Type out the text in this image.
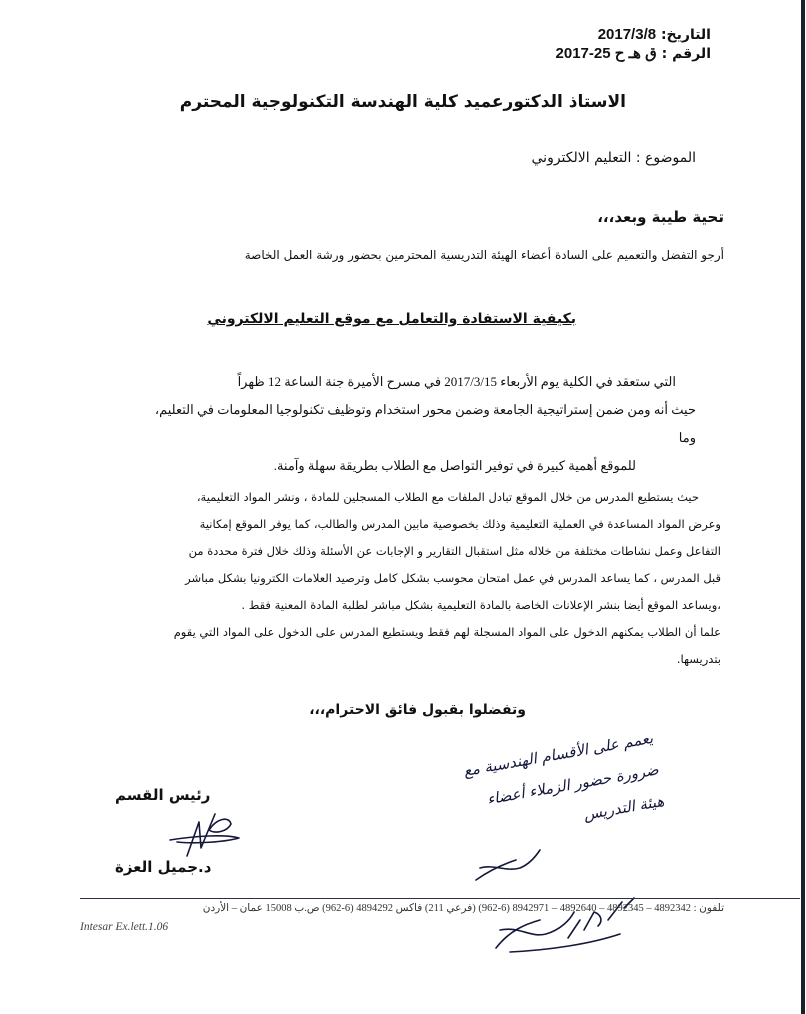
التاريخ: 2017/3/8
الرقم : ق هـ ح 25-2017
الاستاذ الدكتورعميد كلية الهندسة التكنولوجية المحترم
الموضوع : التعليم الالكتروني
تحية طيبة وبعد،،،
أرجو التفضل والتعميم على السادة أعضاء الهيئة التدريسية المحترمين بحضور ورشة العمل الخاصة
بكيفية الاستفادة والتعامل مع موقع التعليم الالكتروني
التي ستعقد في الكلية يوم الأربعاء 2017/3/15 في مسرح الأميرة جنة الساعة 12 ظهراً
حيث أنه ومن ضمن إستراتيجية الجامعة وضمن محور استخدام وتوظيف تكنولوجيا المعلومات في التعليم، وما
للموقع أهمية كبيرة في توفير التواصل مع الطلاب بطريقة سهلة وآمنة.
حيث يستطيع المدرس من خلال الموقع تبادل الملفات مع الطلاب المسجلين للمادة ، ونشر المواد التعليمية،
وعرض المواد المساعدة في العملية التعليمية وذلك بخصوصية مابين المدرس والطالب، كما يوفر الموقع إمكانية
التفاعل وعمل نشاطات مختلفة من خلاله مثل استقبال التقارير و الإجابات عن الأسئلة وذلك خلال فترة محددة من
قبل المدرس ، كما يساعد المدرس في عمل امتحان محوسب بشكل كامل وترصيد العلامات الكترونيا بشكل مباشر
،ويساعد الموقع أيضا بنشر الإعلانات الخاصة بالمادة التعليمية بشكل مباشر لطلبة المادة المعنية فقط .
علما أن الطلاب يمكنهم الدخول على المواد المسجلة لهم فقط ويستطيع المدرس على الدخول على المواد التي يقوم
بتدريسها.
وتفضلوا بقبول فائق الاحترام،،،
رئيس القسم
د.جميل العزة
يعمم على الأقسام الهندسية مع ضرورة حضور الزملاء أعضاء هيئة التدريس
تلفون : 4892342 – 4892345 – 4892640 – 8942971 (6-962) (فرعي 211) فاكس 4894292 (6-962) ص.ب 15008 عمان – الأردن
Intesar Ex.lett.1.06
